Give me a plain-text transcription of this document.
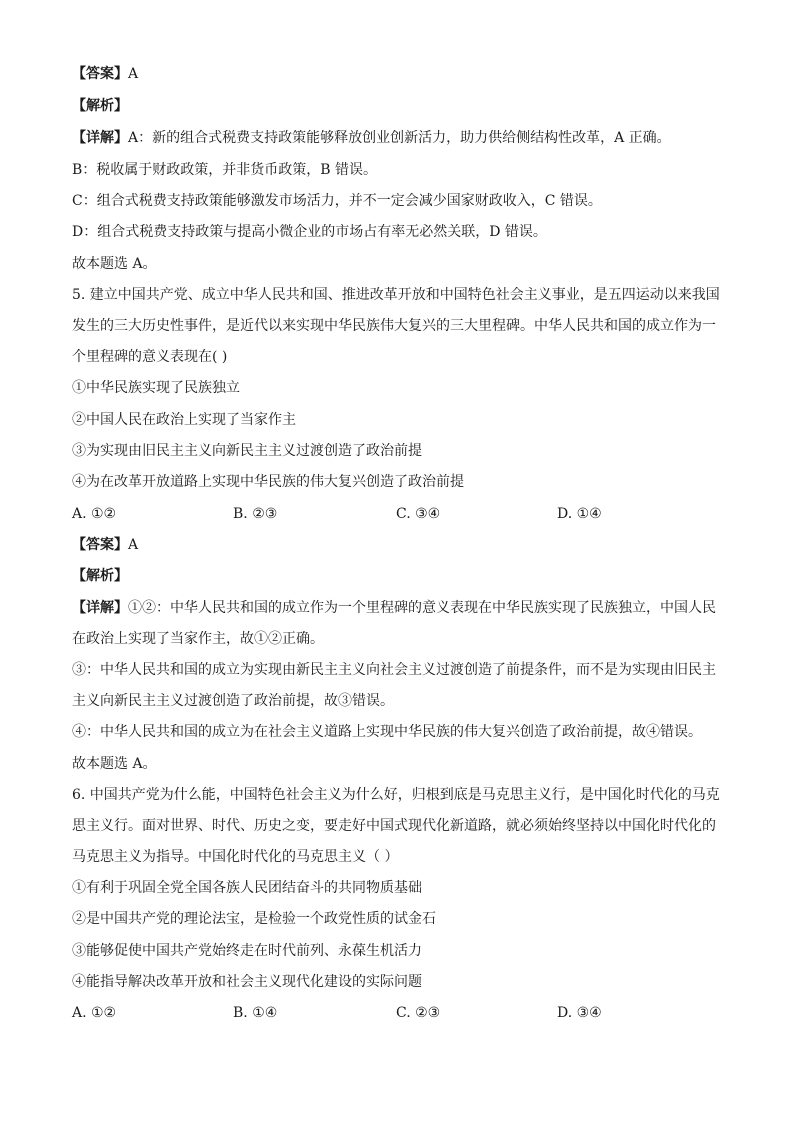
【答案】A
【解析】
【详解】A：新的组合式税费支持政策能够释放创业创新活力，助力供给侧结构性改革，A 正确。
B：税收属于财政政策，并非货币政策，B 错误。
C：组合式税费支持政策能够激发市场活力，并不一定会减少国家财政收入，C 错误。
D：组合式税费支持政策与提高小微企业的市场占有率无必然关联，D 错误。
故本题选 A。
5. 建立中国共产党、成立中华人民共和国、推进改革开放和中国特色社会主义事业，是五四运动以来我国
发生的三大历史性事件，是近代以来实现中华民族伟大复兴的三大里程碑。中华人民共和国的成立作为一
个里程碑的意义表现在( )
①中华民族实现了民族独立
②中国人民在政治上实现了当家作主
③为实现由旧民主主义向新民主主义过渡创造了政治前提
④为在改革开放道路上实现中华民族的伟大复兴创造了政治前提
A. ①②	B. ②③	C. ③④	D. ①④
【答案】A
【解析】
【详解】①②：中华人民共和国的成立作为一个里程碑的意义表现在中华民族实现了民族独立，中国人民
在政治上实现了当家作主，故①②正确。
③：中华人民共和国的成立为实现由新民主主义向社会主义过渡创造了前提条件，而不是为实现由旧民主
主义向新民主主义过渡创造了政治前提，故③错误。
④：中华人民共和国的成立为在社会主义道路上实现中华民族的伟大复兴创造了政治前提，故④错误。
故本题选 A。
6. 中国共产党为什么能，中国特色社会主义为什么好，归根到底是马克思主义行，是中国化时代化的马克
思主义行。面对世界、时代、历史之变，要走好中国式现代化新道路，就必须始终坚持以中国化时代化的
马克思主义为指导。中国化时代化的马克思主义（ ）
①有利于巩固全党全国各族人民团结奋斗的共同物质基础
②是中国共产党的理论法宝，是检验一个政党性质的试金石
③能够促使中国共产党始终走在时代前列、永葆生机活力
④能指导解决改革开放和社会主义现代化建设的实际问题
A. ①②	B. ①④	C. ②③	D. ③④
